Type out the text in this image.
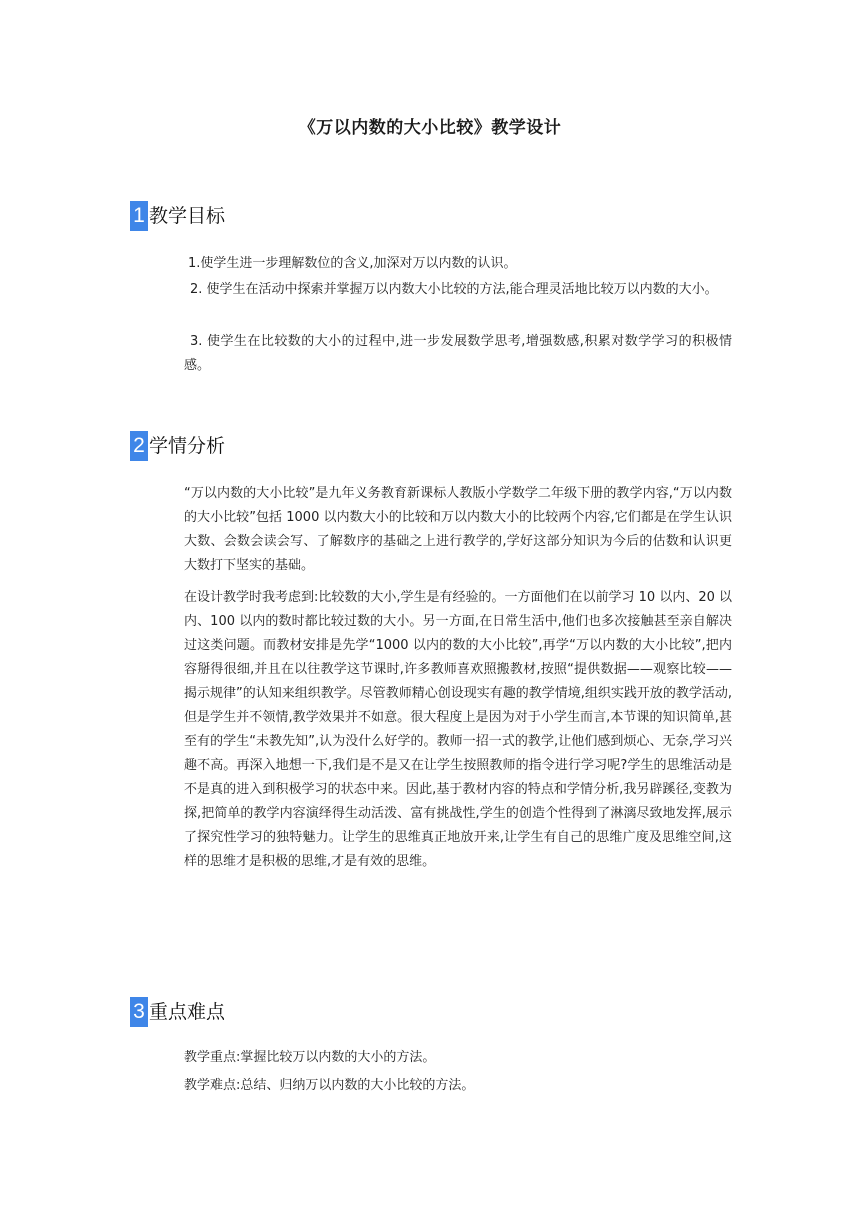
《万以内数的大小比较》教学设计
1 教学目标

1.使学生进一步理解数位的含义,加深对万以内数的认识。

2. 使学生在活动中探索并掌握万以内数大小比较的方法,能合理灵活地比较万以内数的大小。

3. 使学生在比较数的大小的过程中,进一步发展数学思考,增强数感,积累对数学学习的积极情感。

2 学情分析

“万以内数的大小比较”是九年义务教育新课标人教版小学数学二年级下册的教学内容,“万以内数的大小比较”包括 1000 以内数大小的比较和万以内数大小的比较两个内容,它们都是在学生认识大数、会数会读会写、了解数序的基础之上进行教学的,学好这部分知识为今后的估数和认识更大数打下坚实的基础。

在设计教学时我考虑到:比较数的大小,学生是有经验的。一方面他们在以前学习 10 以内、20 以内、100 以内的数时都比较过数的大小。另一方面,在日常生活中,他们也多次接触甚至亲自解决过这类问题。而教材安排是先学“1000 以内的数的大小比较”,再学“万以内数的大小比较”,把内容掰得很细,并且在以往教学这节课时,许多教师喜欢照搬教材,按照“提供数据——观察比较——揭示规律”的认知来组织教学。尽管教师精心创设现实有趣的教学情境,组织实践开放的教学活动,但是学生并不领情,教学效果并不如意。很大程度上是因为对于小学生而言,本节课的知识简单,甚至有的学生“未教先知”,认为没什么好学的。教师一招一式的教学,让他们感到烦心、无奈,学习兴趣不高。再深入地想一下,我们是不是又在让学生按照教师的指令进行学习呢?学生的思维活动是不是真的进入到积极学习的状态中来。因此,基于教材内容的特点和学情分析,我另辟蹊径,变教为探,把简单的教学内容演绎得生动活泼、富有挑战性,学生的创造个性得到了淋漓尽致地发挥,展示了探究性学习的独特魅力。让学生的思维真正地放开来,让学生有自己的思维广度及思维空间,这样的思维才是积极的思维,才是有效的思维。

3 重点难点

教学重点:掌握比较万以内数的大小的方法。

教学难点:总结、归纳万以内数的大小比较的方法。
